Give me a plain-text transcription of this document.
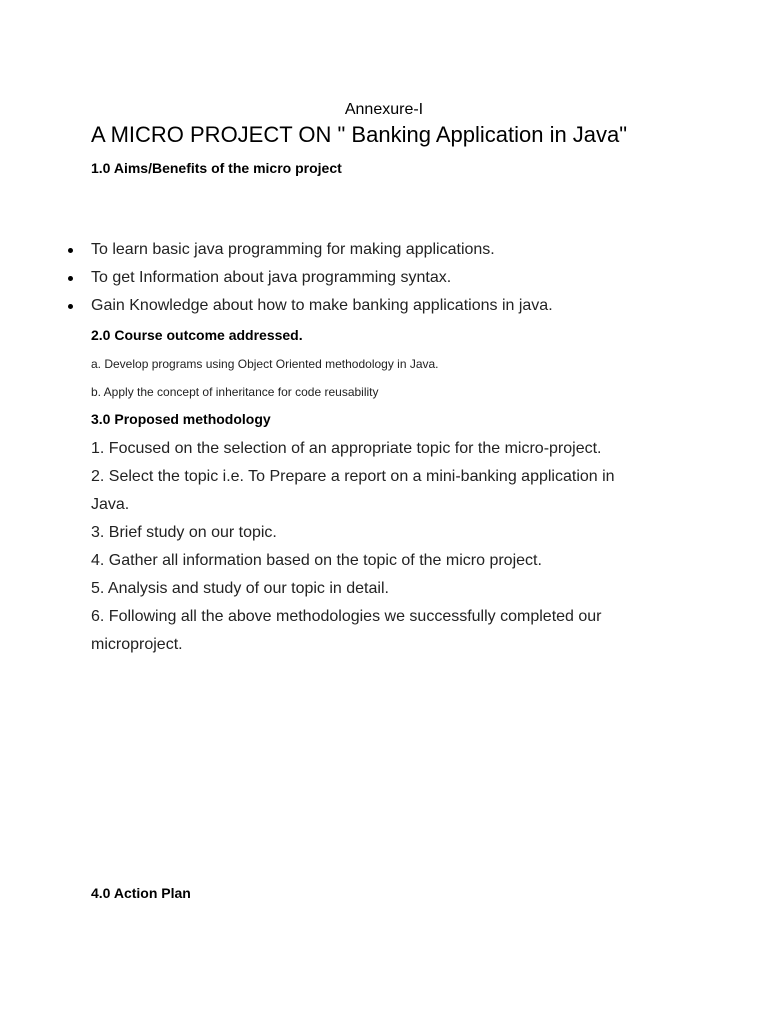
Annexure-I
A MICRO PROJECT ON " Banking Application in Java"
1.0 Aims/Benefits of the micro project
To learn basic java programming for making applications.
To get Information about java programming syntax.
Gain Knowledge about how to make banking applications in java.
2.0 Course outcome addressed.
a. Develop programs using Object Oriented methodology in Java.
b. Apply the concept of inheritance for code reusability
3.0 Proposed methodology
1. Focused on the selection of an appropriate topic for the micro-project.
2. Select the topic i.e. To Prepare a report on a mini-banking application in
Java.
3. Brief study on our topic.
4. Gather all information based on the topic of the micro project.
5. Analysis and study of our topic in detail.
6. Following all the above methodologies we successfully completed our
microproject.
4.0 Action Plan
